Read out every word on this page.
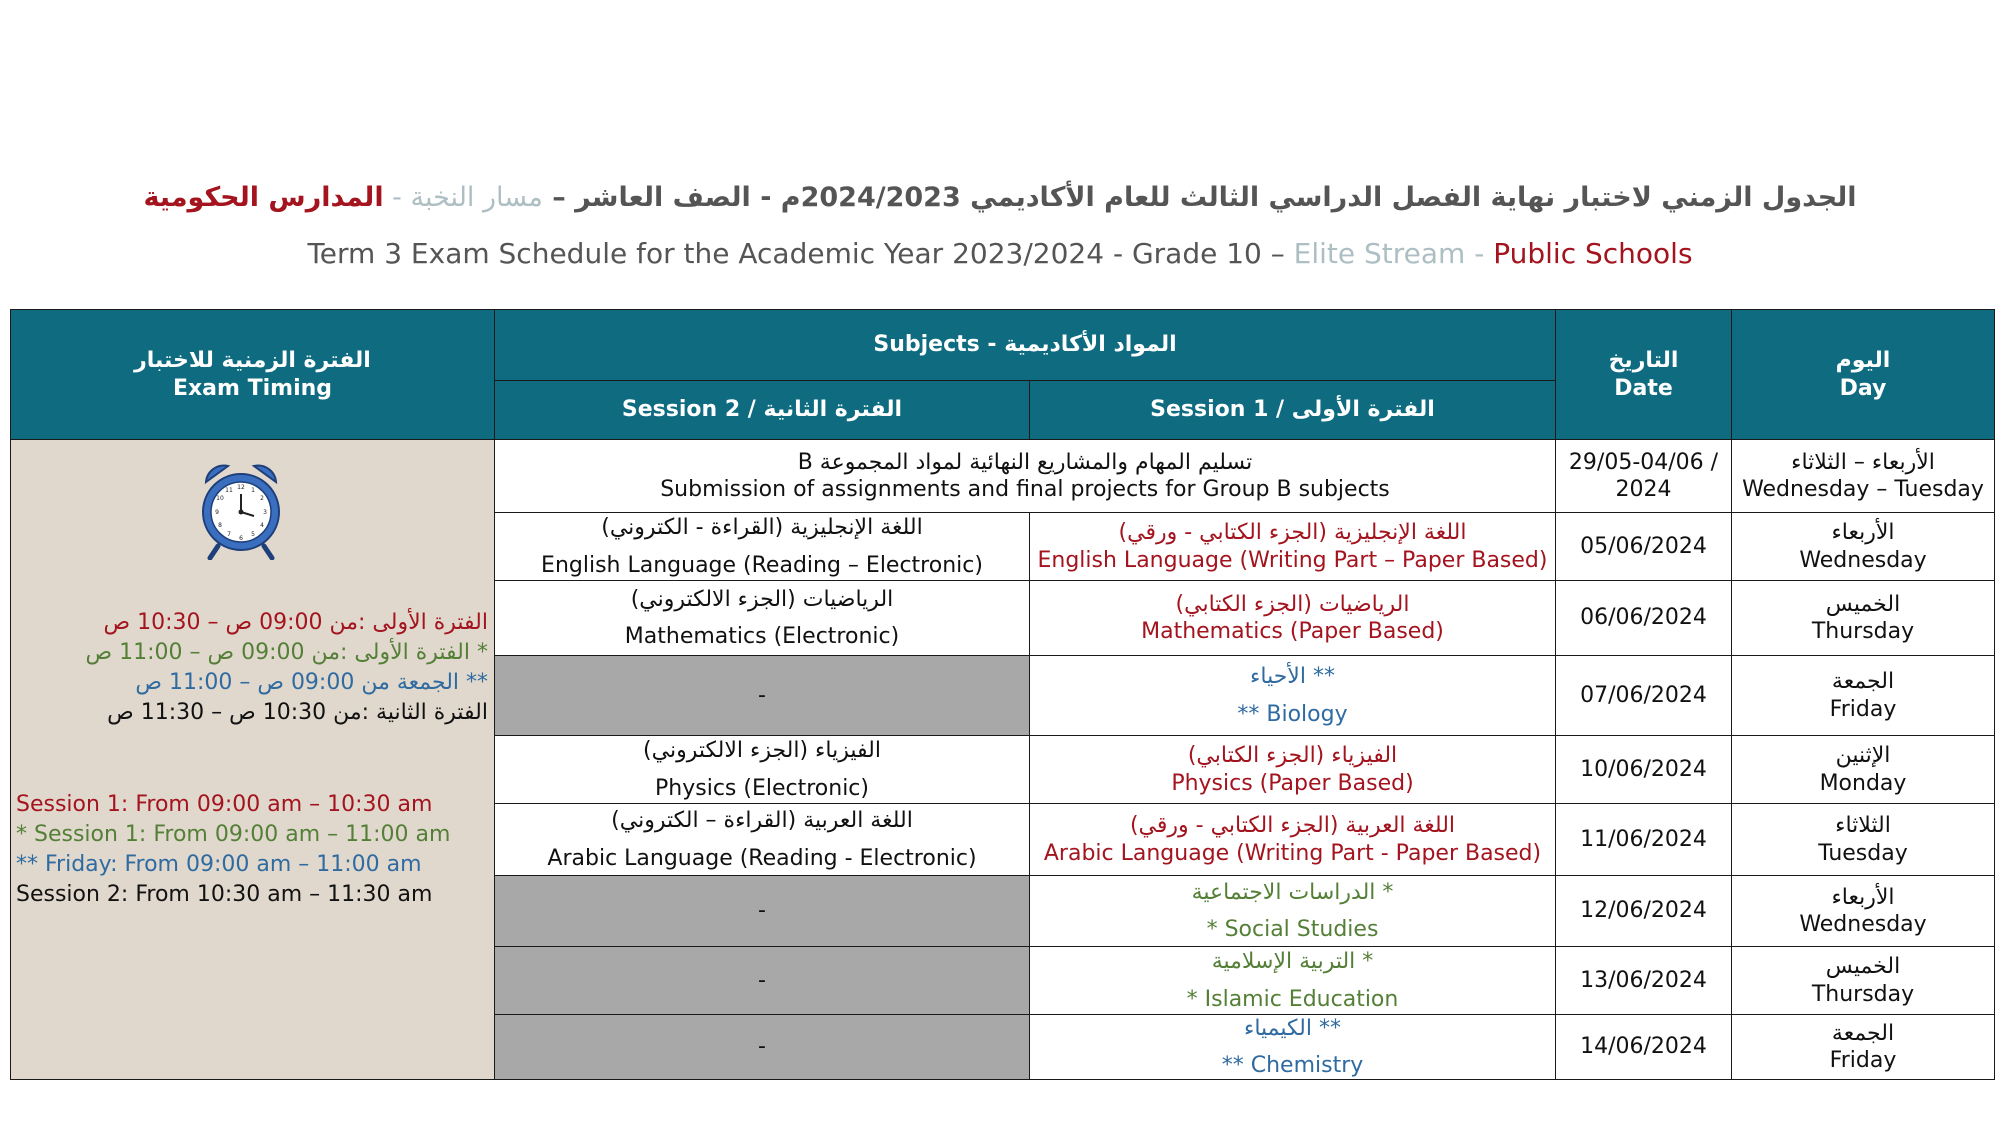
الجدول الزمني لاختبار نهاية الفصل الدراسي الثالث للعام الأكاديمي 2024/2023م - الصف العاشر – مسار النخبة - المدارس الحكومية
Term 3 Exam Schedule for the Academic Year 2023/2024 - Grade 10 – Elite Stream - Public Schools
الفترة الزمنية للاختبار
Exam Timing
Subjects - المواد الأكاديمية
Session 2 / الفترة الثانية	Session 1 / الفترة الأولى
التاريخ
Date
اليوم
Day
تسليم المهام والمشاريع النهائية لمواد المجموعة B
Submission of assignments and final projects for Group B subjects
29/05-04/06 /
2024
الأربعاء – الثلاثاء
Wednesday – Tuesday
اللغة الإنجليزية (القراءة - الكتروني)
English Language (Reading – Electronic)
اللغة الإنجليزية (الجزء الكتابي - ورقي)
English Language (Writing Part – Paper Based)
05/06/2024
الأربعاء
Wednesday
الرياضيات (الجزء الالكتروني)
Mathematics (Electronic)
الرياضيات (الجزء الكتابي)
Mathematics (Paper Based)
06/06/2024
الخميس
Thursday
-
** الأحياء
** Biology
07/06/2024
الجمعة
Friday
الفيزياء (الجزء الالكتروني)
Physics (Electronic)
الفيزياء (الجزء الكتابي)
Physics (Paper Based)
10/06/2024
الإثنين
Monday
اللغة العربية (القراءة – الكتروني)
Arabic Language (Reading - Electronic)
اللغة العربية (الجزء الكتابي - ورقي)
Arabic Language (Writing Part - Paper Based)
11/06/2024
الثلاثاء
Tuesday
-
* الدراسات الاجتماعية
* Social Studies
12/06/2024
الأربعاء
Wednesday
-
* التربية الإسلامية
* Islamic Education
13/06/2024
الخميس
Thursday
-
** الكيمياء
** Chemistry
14/06/2024
الجمعة
Friday
12 1
2
3
4
5
6
7
8
9
10
11
الفترة الأولى :من 09:00 ص – 10:30 ص
* الفترة الأولى :من 09:00 ص – 11:00 ص
** الجمعة من 09:00 ص – 11:00 ص
الفترة الثانية :من 10:30 ص – 11:30 ص
Session 1: From 09:00 am – 10:30 am
* Session 1: From 09:00 am – 11:00 am
** Friday: From 09:00 am – 11:00 am
Session 2: From 10:30 am – 11:30 am
